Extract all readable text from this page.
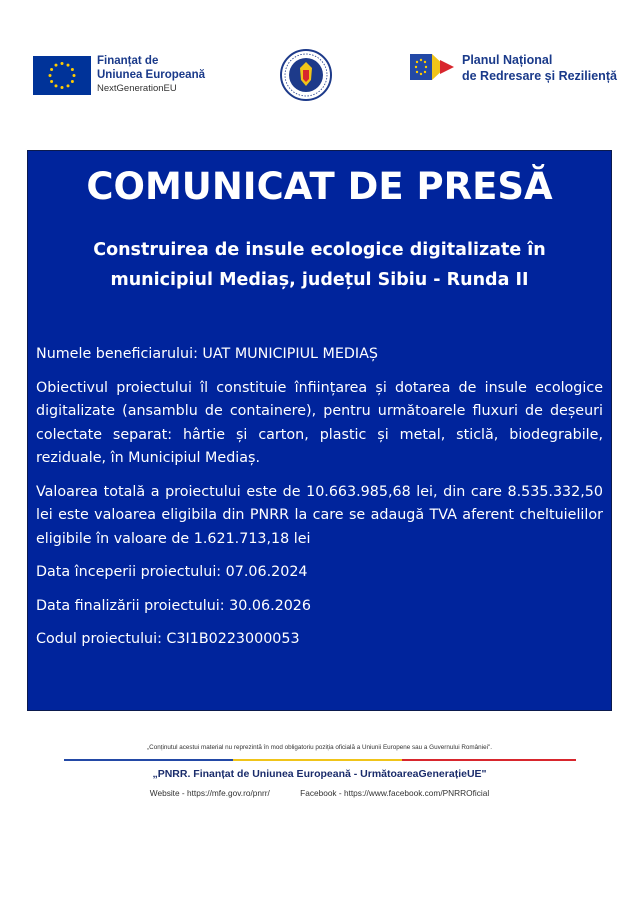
Finanțat de
Uniunea Europeană
NextGenerationEU
Planul Național
de Redresare și Reziliență
COMUNICAT DE PRESĂ
Construirea de insule ecologice digitalizate în municipiul Mediaș, județul Sibiu - Runda II

Numele beneficiarului: UAT MUNICIPIUL MEDIAȘ

Obiectivul proiectului îl constituie înființarea și dotarea de insule ecologice digitalizate (ansamblu de containere), pentru următoarele fluxuri de deșeuri colectate separat: hârtie și carton, plastic și metal, sticlă, biodegrabile, reziduale, în Municipiul Mediaș.

Valoarea totală a proiectului este de 10.663.985,68 lei, din care 8.535.332,50 lei este valoarea eligibila din PNRR la care se adaugă TVA aferent cheltuielilor eligibile în valoare de 1.621.713,18 lei

Data începerii proiectului: 07.06.2024

Data finalizării proiectului: 30.06.2026

Codul proiectului: C3I1B0223000053

„Conținutul acestui material nu reprezintă în mod obligatoriu poziția oficială a Uniunii Europene sau a Guvernului României".
„PNRR. Finanțat de Uniunea Europeană - UrmătoareaGenerațieUE"
Website - https://mfe.gov.ro/pnrr/	Facebook - https://www.facebook.com/PNRROficial
